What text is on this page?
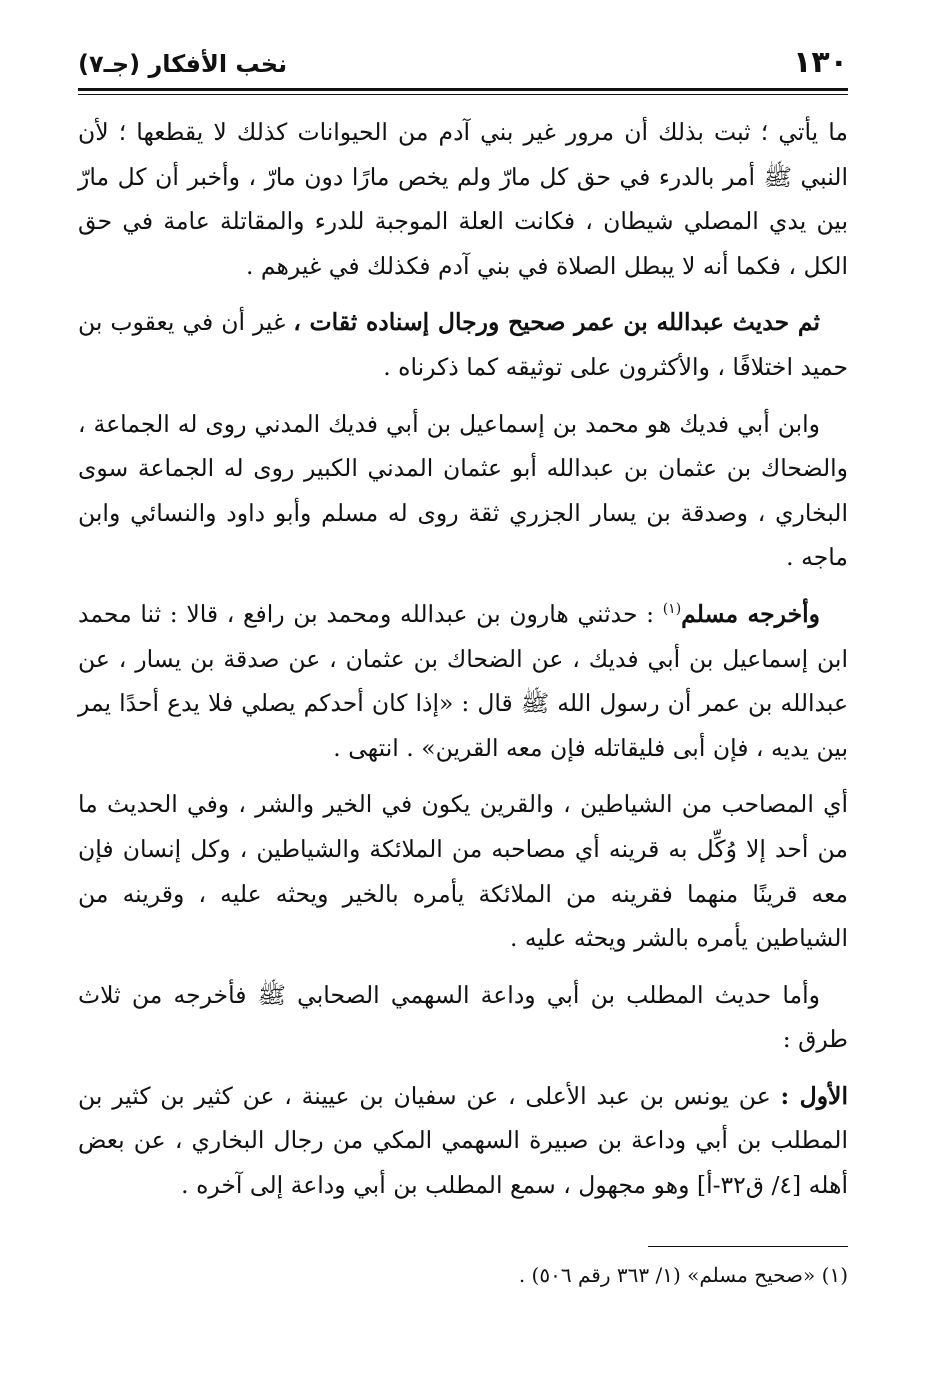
١٣٠
نخب الأفكار (جـ٧)

ما يأتي ؛ ثبت بذلك أن مرور غير بني آدم من الحيوانات كذلك لا يقطعها ؛ لأن النبي ﷺ أمر بالدرء في حق كل مارّ ولم يخص مارًا دون مارّ ، وأخبر أن كل مارّ بين يدي المصلي شيطان ، فكانت العلة الموجبة للدرء والمقاتلة عامة في حق الكل ، فكما أنه لا يبطل الصلاة في بني آدم فكذلك في غيرهم .

ثم حديث عبدالله بن عمر صحيح ورجال إسناده ثقات ، غير أن في يعقوب بن حميد اختلافًا ، والأكثرون على توثيقه كما ذكرناه .

وابن أبي فديك هو محمد بن إسماعيل بن أبي فديك المدني روى له الجماعة ، والضحاك بن عثمان بن عبدالله أبو عثمان المدني الكبير روى له الجماعة سوى البخاري ، وصدقة بن يسار الجزري ثقة روى له مسلم وأبو داود والنسائي وابن ماجه .

وأخرجه مسلم$^{(١)}$ : حدثني هارون بن عبدالله ومحمد بن رافع ، قالا : ثنا محمد ابن إسماعيل بن أبي فديك ، عن الضحاك بن عثمان ، عن صدقة بن يسار ، عن عبدالله بن عمر أن رسول الله ﷺ قال : «إذا كان أحدكم يصلي فلا يدع أحدًا يمر بين يديه ، فإن أبى فليقاتله فإن معه القرين» . انتهى .

أي المصاحب من الشياطين ، والقرين يكون في الخير والشر ، وفي الحديث ما من أحد إلا وُكِّل به قرينه أي مصاحبه من الملائكة والشياطين ، وكل إنسان فإن معه قرينًا منهما فقرينه من الملائكة يأمره بالخير ويحثه عليه ، وقرينه من الشياطين يأمره بالشر ويحثه عليه .

وأما حديث المطلب بن أبي وداعة السهمي الصحابي ﷺ فأخرجه من ثلاث طرق :

الأول : عن يونس بن عبد الأعلى ، عن سفيان بن عيينة ، عن كثير بن كثير بن المطلب بن أبي وداعة بن صبيرة السهمي المكي من رجال البخاري ، عن بعض أهله [٤/ ق٣٢-أ] وهو مجهول ، سمع المطلب بن أبي وداعة إلى آخره .

(١) «صحيح مسلم» (١/ ٣٦٣ رقم ٥٠٦) .
